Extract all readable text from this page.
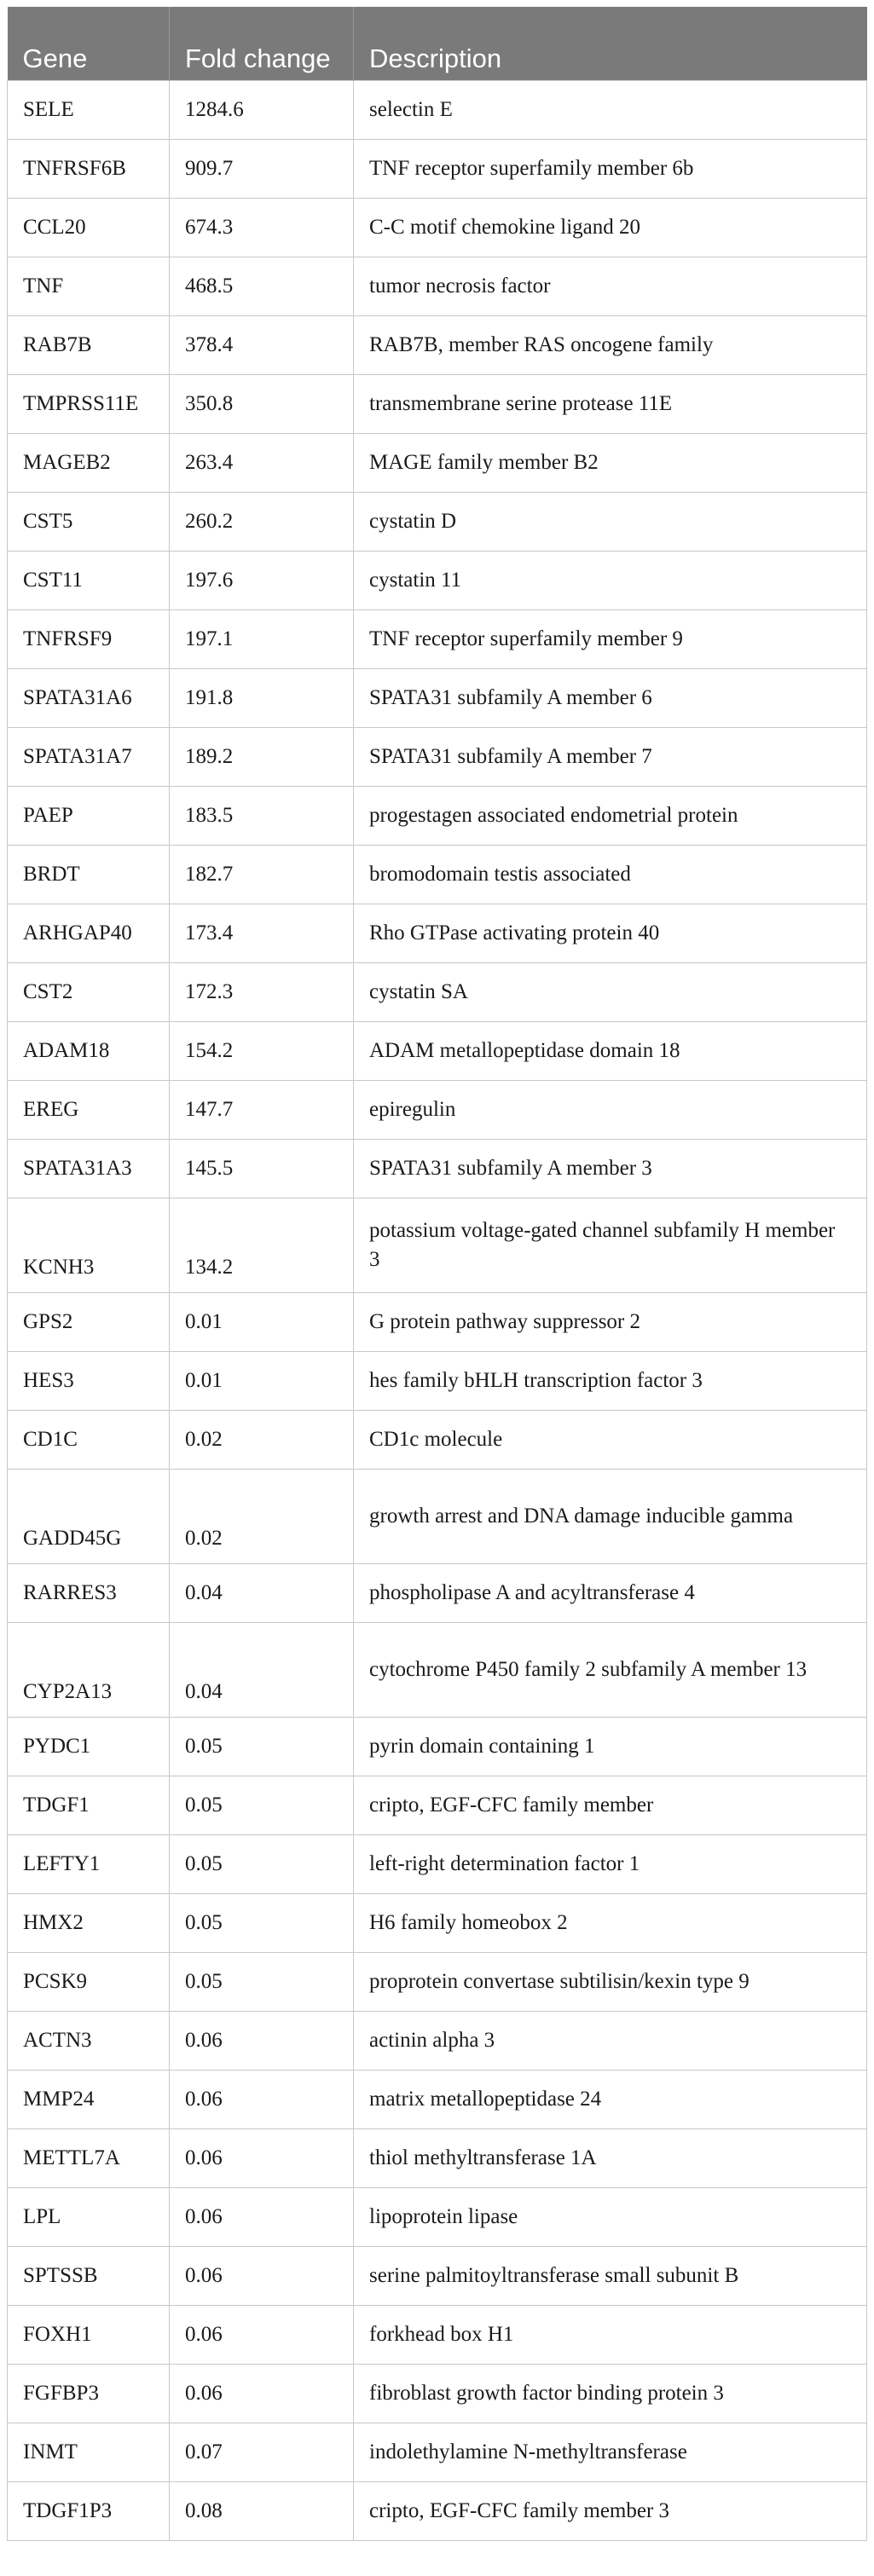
Gene	Fold change	Description
SELE	1284.6	selectin E
TNFRSF6B	909.7	TNF receptor superfamily member 6b
CCL20	674.3	C-C motif chemokine ligand 20
TNF	468.5	tumor necrosis factor
RAB7B	378.4	RAB7B, member RAS oncogene family
TMPRSS11E	350.8	transmembrane serine protease 11E
MAGEB2	263.4	MAGE family member B2
CST5	260.2	cystatin D
CST11	197.6	cystatin 11
TNFRSF9	197.1	TNF receptor superfamily member 9
SPATA31A6	191.8	SPATA31 subfamily A member 6
SPATA31A7	189.2	SPATA31 subfamily A member 7
PAEP	183.5	progestagen associated endometrial protein
BRDT	182.7	bromodomain testis associated
ARHGAP40	173.4	Rho GTPase activating protein 40
CST2	172.3	cystatin SA
ADAM18	154.2	ADAM metallopeptidase domain 18
EREG	147.7	epiregulin
SPATA31A3	145.5	SPATA31 subfamily A member 3
KCNH3	134.2	potassium voltage-gated channel subfamily H member 3
GPS2	0.01	G protein pathway suppressor 2
HES3	0.01	hes family bHLH transcription factor 3
CD1C	0.02	CD1c molecule
GADD45G	0.02	growth arrest and DNA damage inducible gamma
RARRES3	0.04	phospholipase A and acyltransferase 4
CYP2A13	0.04	cytochrome P450 family 2 subfamily A member 13
PYDC1	0.05	pyrin domain containing 1
TDGF1	0.05	cripto, EGF-CFC family member
LEFTY1	0.05	left-right determination factor 1
HMX2	0.05	H6 family homeobox 2
PCSK9	0.05	proprotein convertase subtilisin/kexin type 9
ACTN3	0.06	actinin alpha 3
MMP24	0.06	matrix metallopeptidase 24
METTL7A	0.06	thiol methyltransferase 1A
LPL	0.06	lipoprotein lipase
SPTSSB	0.06	serine palmitoyltransferase small subunit B
FOXH1	0.06	forkhead box H1
FGFBP3	0.06	fibroblast growth factor binding protein 3
INMT	0.07	indolethylamine N-methyltransferase
TDGF1P3	0.08	cripto, EGF-CFC family member 3
